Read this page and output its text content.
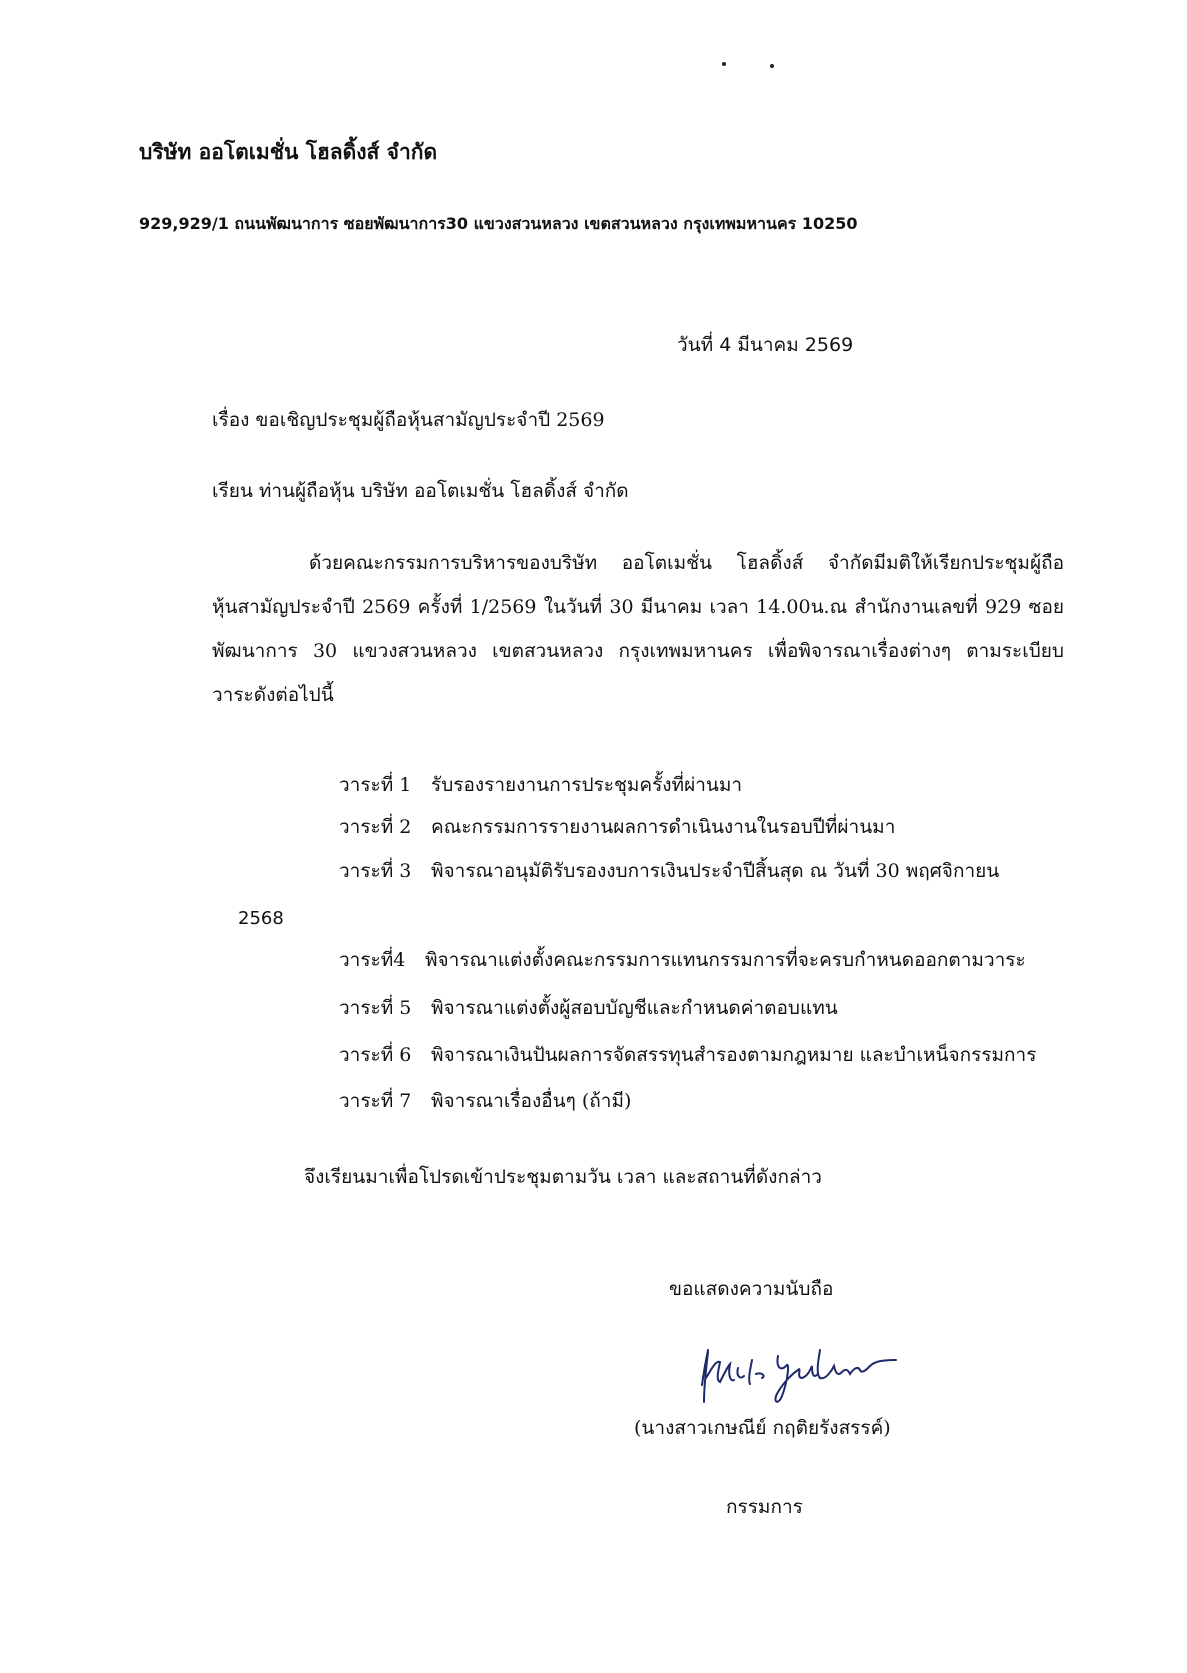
บริษัท ออโตเมชั่น โฮลดิ้งส์ จำกัด
929,929/1 ถนนพัฒนาการ ซอยพัฒนาการ30 แขวงสวนหลวง เขตสวนหลวง กรุงเทพมหานคร 10250
วันที่ 4 มีนาคม 2569
เรื่อง ขอเชิญประชุมผู้ถือหุ้นสามัญประจำปี 2569
เรียน ท่านผู้ถือหุ้น บริษัท ออโตเมชั่น โฮลดิ้งส์ จำกัด
ด้วยคณะกรรมการบริหารของบริษัท ออโตเมชั่น โฮลดิ้งส์ จำกัดมีมติให้เรียกประชุมผู้ถือ
หุ้นสามัญประจำปี 2569 ครั้งที่ 1/2569 ในวันที่ 30 มีนาคม เวลา 14.00น.ณ สำนักงานเลขที่ 929 ซอย
พัฒนาการ 30 แขวงสวนหลวง เขตสวนหลวง กรุงเทพมหานคร เพื่อพิจารณาเรื่องต่างๆ ตามระเบียบ
วาระดังต่อไปนี้
วาระที่ 1 รับรองรายงานการประชุมครั้งที่ผ่านมา
วาระที่ 2 คณะกรรมการรายงานผลการดำเนินงานในรอบปีที่ผ่านมา
วาระที่ 3 พิจารณาอนุมัติรับรองงบการเงินประจำปีสิ้นสุด ณ วันที่ 30 พฤศจิกายน
2568
วาระที่4 พิจารณาแต่งตั้งคณะกรรมการแทนกรรมการที่จะครบกำหนดออกตามวาระ
วาระที่ 5 พิจารณาแต่งตั้งผู้สอบบัญชีและกำหนดค่าตอบแทน
วาระที่ 6 พิจารณาเงินปันผลการจัดสรรทุนสำรองตามกฎหมาย และบำเหน็จกรรมการ
วาระที่ 7 พิจารณาเรื่องอื่นๆ (ถ้ามี)
จึงเรียนมาเพื่อโปรดเข้าประชุมตามวัน เวลา และสถานที่ดังกล่าว
ขอแสดงความนับถือ
(นางสาวเกษณีย์ กฤติยรังสรรค์)
กรรมการ
